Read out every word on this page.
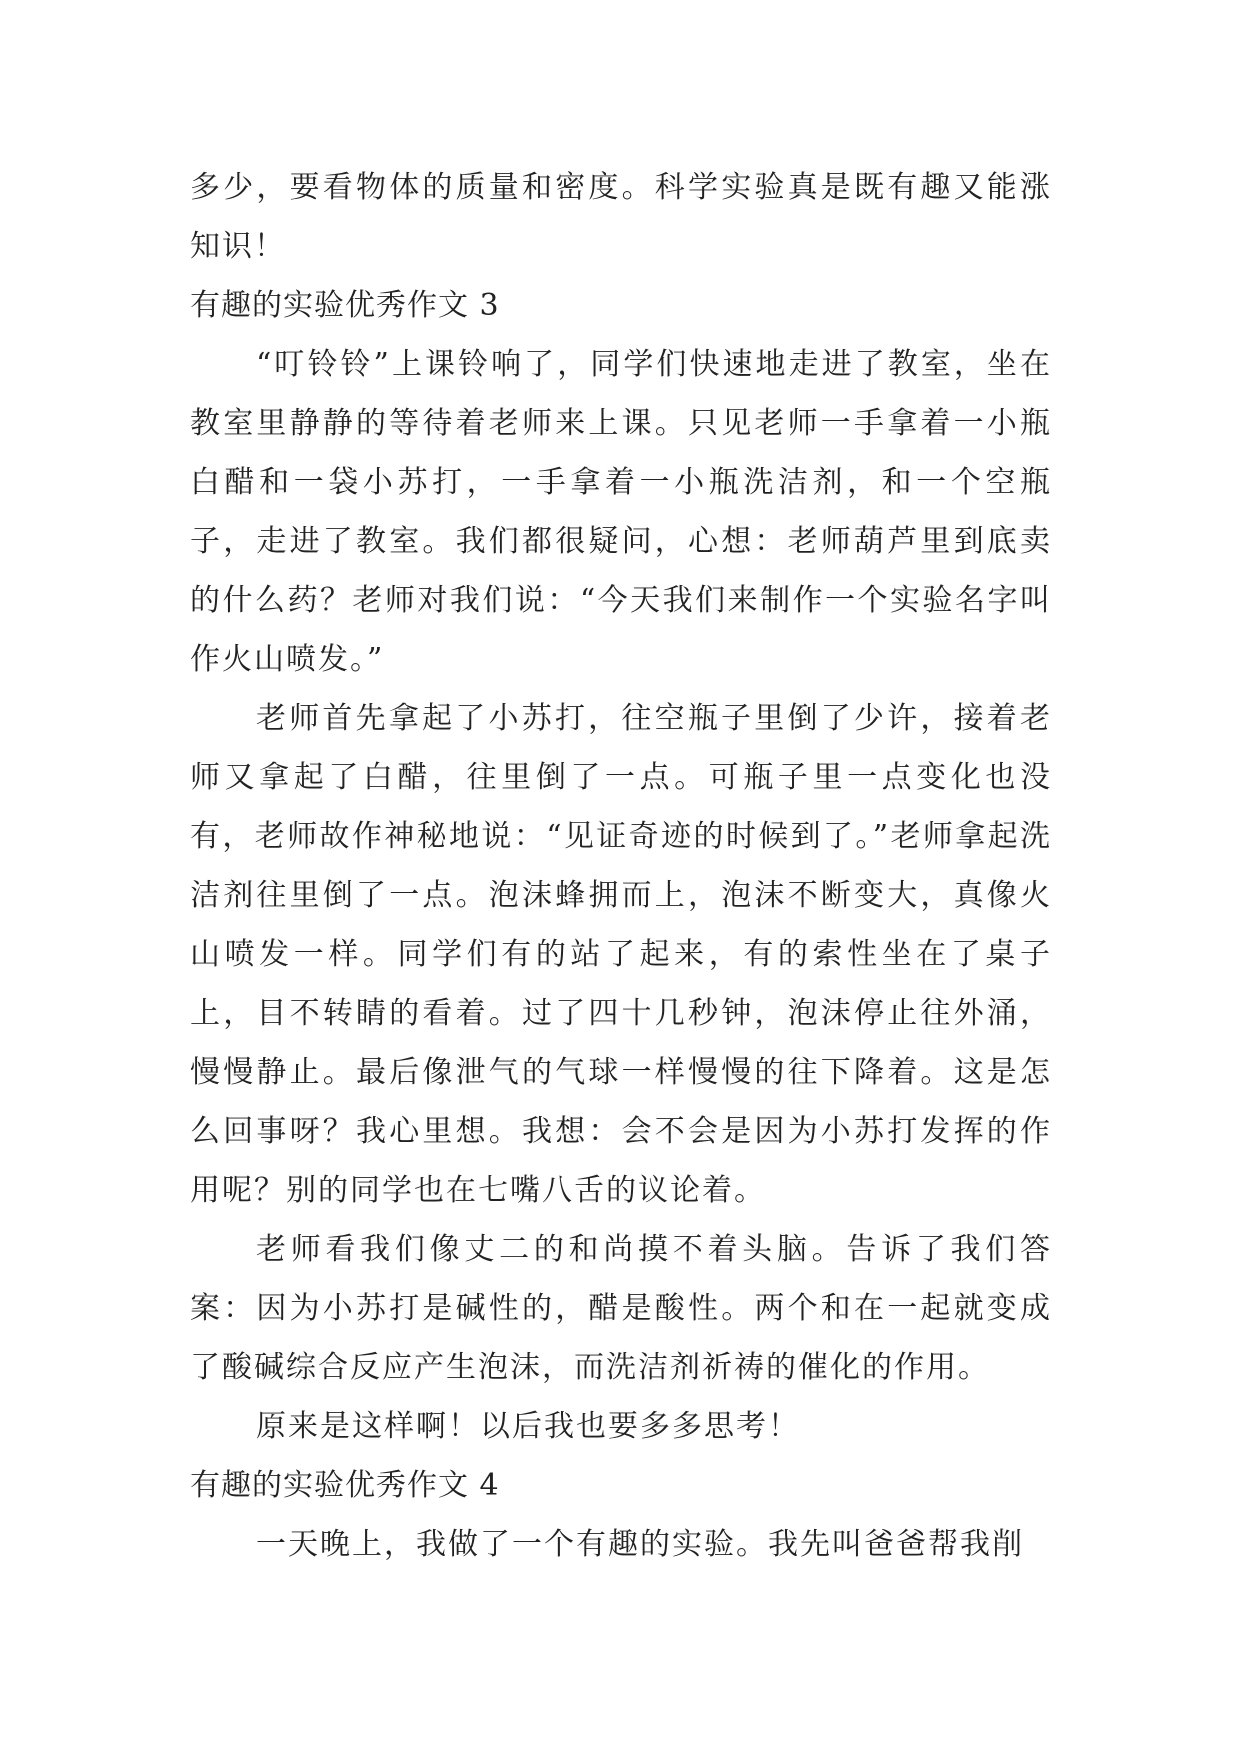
多少，要看物体的质量和密度。科学实验真是既有趣又能涨知识！

有趣的实验优秀作文 3

“叮铃铃”上课铃响了，同学们快速地走进了教室，坐在教室里静静的等待着老师来上课。只见老师一手拿着一小瓶白醋和一袋小苏打，一手拿着一小瓶洗洁剂，和一个空瓶子，走进了教室。我们都很疑问，心想：老师葫芦里到底卖的什么药？老师对我们说：“今天我们来制作一个实验名字叫作火山喷发。”

老师首先拿起了小苏打，往空瓶子里倒了少许，接着老师又拿起了白醋，往里倒了一点。可瓶子里一点变化也没有，老师故作神秘地说：“见证奇迹的时候到了。”老师拿起洗洁剂往里倒了一点。泡沫蜂拥而上，泡沫不断变大，真像火山喷发一样。同学们有的站了起来，有的索性坐在了桌子上，目不转睛的看着。过了四十几秒钟，泡沫停止往外涌，慢慢静止。最后像泄气的气球一样慢慢的往下降着。这是怎么回事呀？我心里想。我想：会不会是因为小苏打发挥的作用呢？别的同学也在七嘴八舌的议论着。

老师看我们像丈二的和尚摸不着头脑。告诉了我们答案：因为小苏打是碱性的，醋是酸性。两个和在一起就变成了酸碱综合反应产生泡沫，而洗洁剂祈祷的催化的作用。

原来是这样啊！以后我也要多多思考！

有趣的实验优秀作文 4

一天晚上，我做了一个有趣的实验。我先叫爸爸帮我削
